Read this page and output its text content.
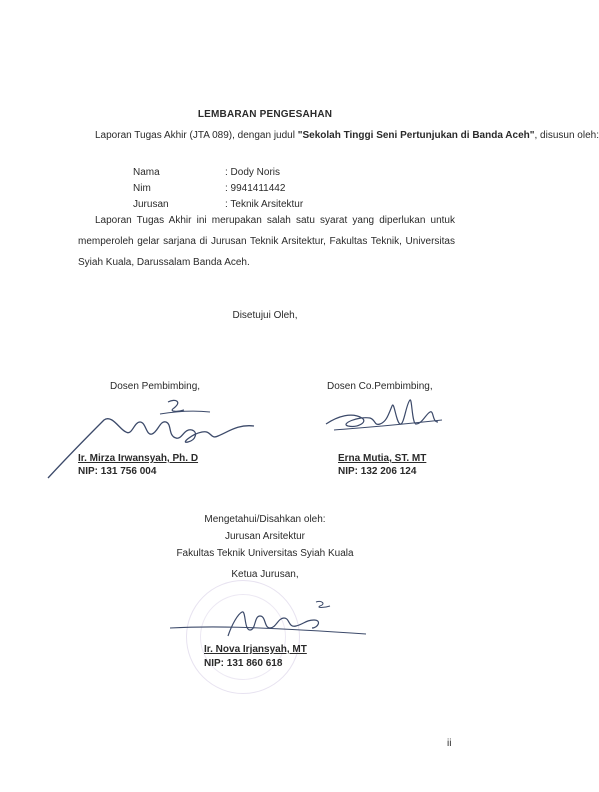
LEMBARAN PENGESAHAN
Laporan Tugas Akhir (JTA 089), dengan judul "Sekolah Tinggi Seni Pertunjukan di Banda Aceh", disusun oleh:
Nama	: Dody Noris
Nim	: 9941411442
Jurusan	: Teknik Arsitektur
Laporan Tugas Akhir ini merupakan salah satu syarat yang diperlukan untuk memperoleh gelar sarjana di Jurusan Teknik Arsitektur, Fakultas Teknik, Universitas Syiah Kuala, Darussalam Banda Aceh.
Disetujui Oleh,
Dosen Pembimbing,	Dosen Co.Pembimbing,
Ir. Mirza Irwansyah, Ph. D
NIP: 131 756 004
Erna Mutia, ST. MT
NIP: 132 206 124
Mengetahui/Disahkan oleh:
Jurusan Arsitektur
Fakultas Teknik Universitas Syiah Kuala
Ketua Jurusan,
Ir. Nova Irjansyah, MT
NIP: 131 860 618
ii
